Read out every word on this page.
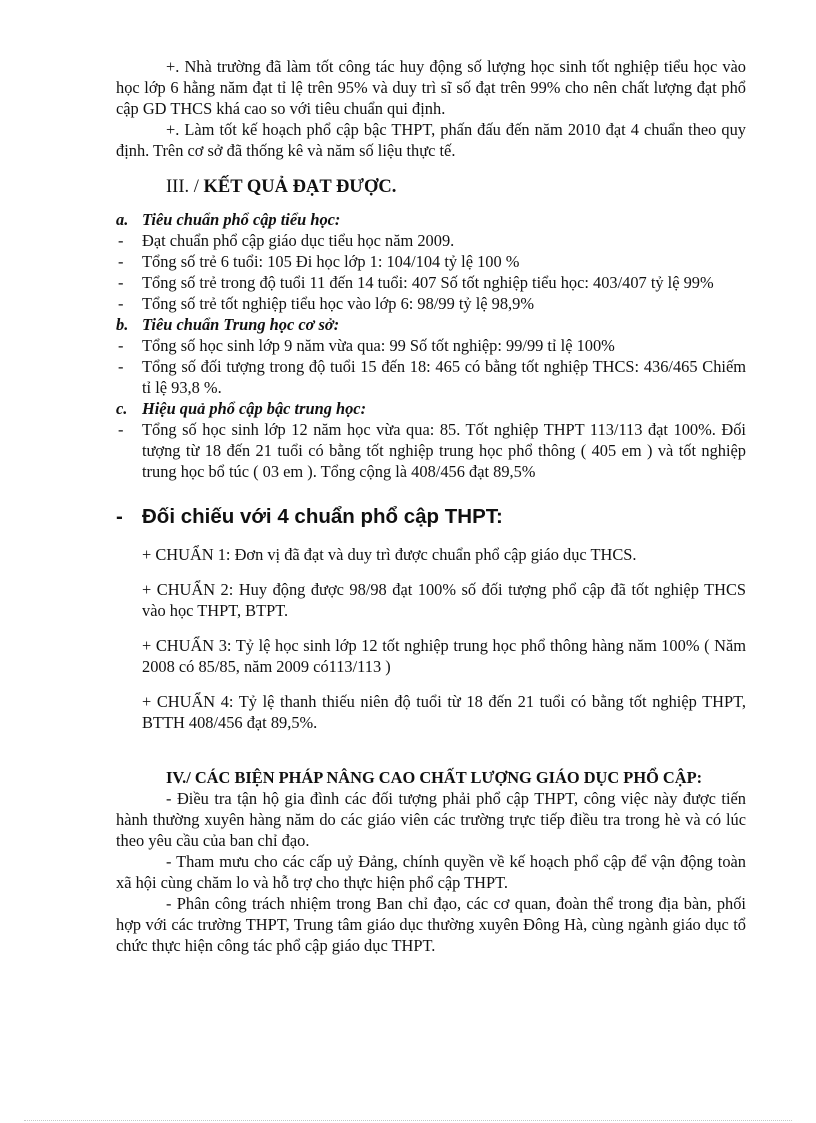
+. Nhà trường đã làm tốt công tác huy động số lượng học sinh tốt nghiệp tiểu học vào học lớp 6 hằng năm đạt tỉ lệ trên 95% và duy trì sĩ số đạt trên 99% cho nên chất lượng đạt phổ cập GD THCS khá cao so với tiêu chuẩn qui định.

+. Làm tốt kế hoạch phổ cập bậc THPT, phấn đấu đến năm 2010 đạt 4 chuẩn theo quy định. Trên cơ sở đã thống kê và năm số liệu thực tế.

III. / KẾT QUẢ ĐẠT ĐƯỢC.
a. Tiêu chuẩn phổ cập tiểu học:
- Đạt chuẩn phổ cập giáo dục tiểu học năm 2009.
- Tổng số trẻ 6 tuổi: 105 Đi học lớp 1: 104/104 tỷ lệ 100 %
- Tổng số trẻ trong độ tuổi 11 đến 14 tuổi: 407 Số tốt nghiệp tiểu học: 403/407 tỷ lệ 99%
- Tổng số trẻ tốt nghiệp tiểu học vào lớp 6: 98/99 tỷ lệ 98,9%
b. Tiêu chuẩn Trung học cơ sở:
- Tổng số học sinh lớp 9 năm vừa qua: 99 Số tốt nghiệp: 99/99 tỉ lệ 100%
- Tổng số đối tượng trong độ tuổi 15 đến 18: 465 có bằng tốt nghiệp THCS: 436/465 Chiếm tỉ lệ 93,8 %.
c. Hiệu quả phổ cập bậc trung học:
- Tổng số học sinh lớp 12 năm học vừa qua: 85. Tốt nghiệp THPT 113/113 đạt 100%. Đối tượng từ 18 đến 21 tuổi có bằng tốt nghiệp trung học phổ thông ( 405 em ) và tốt nghiệp trung học bổ túc ( 03 em ). Tổng cộng là 408/456 đạt 89,5%
- Đối chiếu với 4 chuẩn phổ cập THPT:

+ CHUẨN 1: Đơn vị đã đạt và duy trì được chuẩn phổ cập giáo dục THCS.

+ CHUẨN 2: Huy động được 98/98 đạt 100% số đối tượng phổ cập đã tốt nghiệp THCS vào học THPT, BTPT.

+ CHUẨN 3: Tỷ lệ học sinh lớp 12 tốt nghiệp trung học phổ thông hàng năm 100% ( Năm 2008 có 85/85, năm 2009 có113/113 )

+ CHUẨN 4: Tỷ lệ thanh thiếu niên độ tuổi từ 18 đến 21 tuổi có bằng tốt nghiệp THPT, BTTH 408/456 đạt 89,5%.

IV./ CÁC BIỆN PHÁP NÂNG CAO CHẤT LƯỢNG GIÁO DỤC PHỔ CẬP:

- Điều tra tận hộ gia đình các đối tượng phải phổ cập THPT, công việc này được tiến hành thường xuyên hàng năm do các giáo viên các trường trực tiếp điều tra trong hè và có lúc theo yêu cầu của ban chỉ đạo.

- Tham mưu cho các cấp uỷ Đảng, chính quyền về kế hoạch phổ cập để vận động toàn xã hội cùng chăm lo và hỗ trợ cho thực hiện phổ cập THPT.

- Phân công trách nhiệm trong Ban chỉ đạo, các cơ quan, đoàn thể trong địa bàn, phối hợp với các trường THPT, Trung tâm giáo dục thường xuyên Đông Hà, cùng ngành giáo dục tổ chức thực hiện công tác phổ cập giáo dục THPT.
